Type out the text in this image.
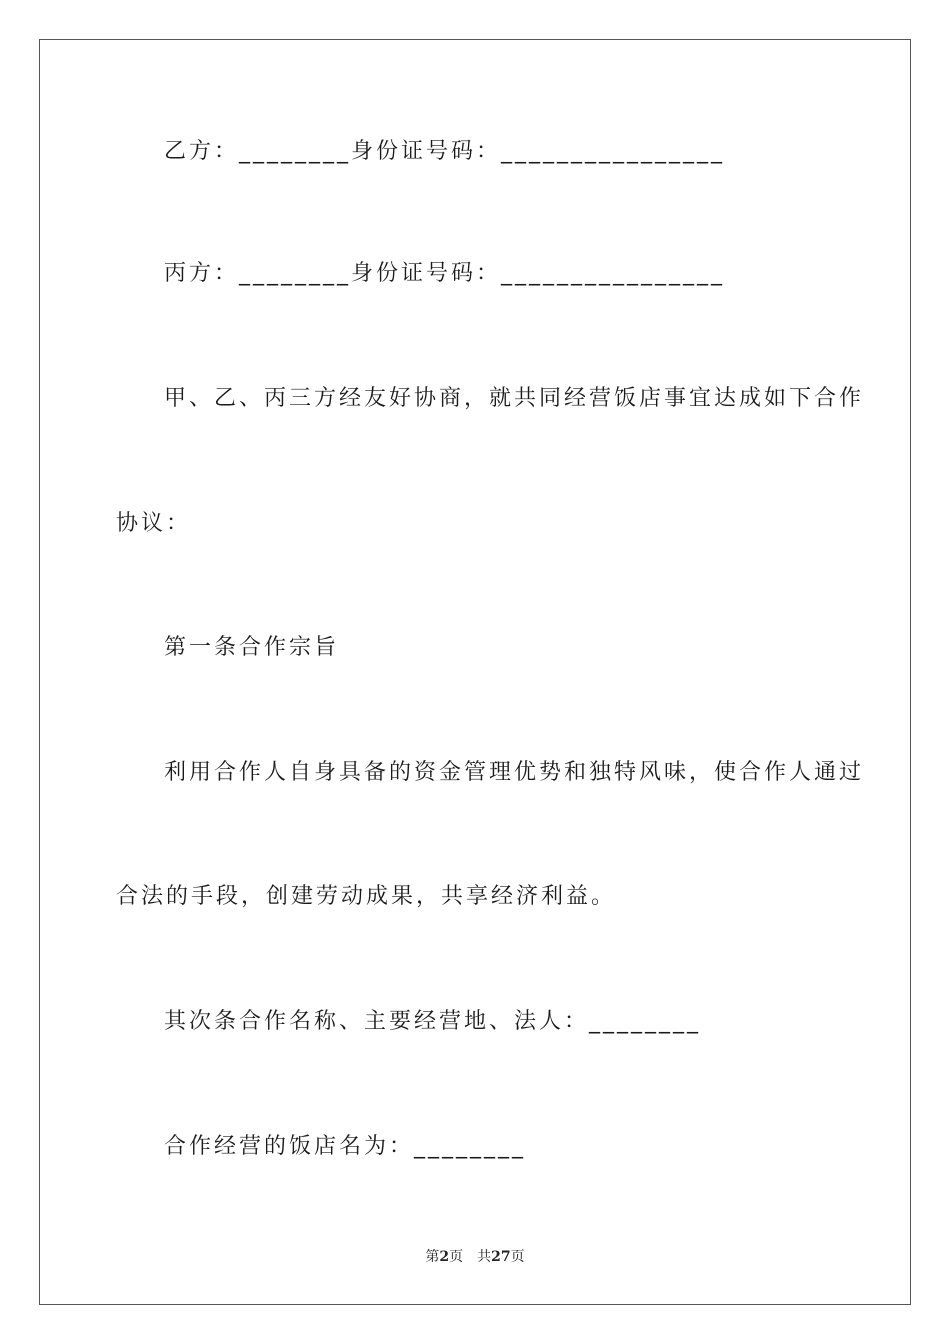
乙方：________身份证号码：________________
丙方：________身份证号码：________________
甲、乙、丙三方经友好协商，就共同经营饭店事宜达成如下合作
协议：
第一条合作宗旨
利用合作人自身具备的资金管理优势和独特风味，使合作人通过
合法的手段，创建劳动成果，共享经济利益。
其次条合作名称、主要经营地、法人：________
合作经营的饭店名为：________
第2页 共27页
